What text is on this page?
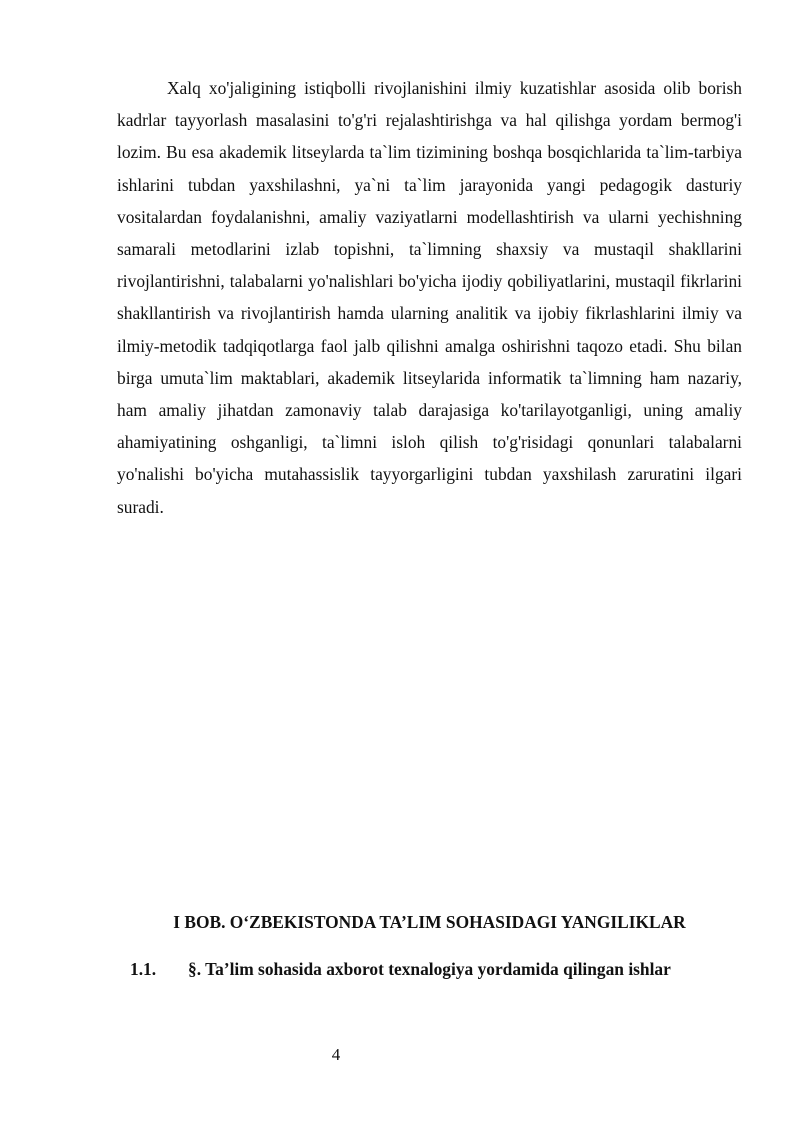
Xalq xo'jaligining istiqbolli rivojlanishini ilmiy kuzatishlar asosida olib borish kadrlar tayyorlash masalasini to'g'ri rejalashtirishga va hal qilishga yordam bermog'i lozim. Bu esa akademik litseylarda ta`lim tizimining boshqa bosqichlarida ta`lim-tarbiya ishlarini tubdan yaxshilashni, ya`ni ta`lim jarayonida yangi pedagogik dasturiy vositalardan foydalanishni, amaliy vaziyatlarni modellashtirish va ularni yechishning samarali metodlarini izlab topishni, ta`limning shaxsiy va mustaqil shakllarini rivojlantirishni, talabalarni yo'nalishlari bo'yicha ijodiy qobiliyatlarini, mustaqil fikrlarini shakllantirish va rivojlantirish hamda ularning analitik va ijobiy fikrlashlarini ilmiy va ilmiy-metodik tadqiqotlarga faol jalb qilishni amalga oshirishni taqozo etadi. Shu bilan birga umuta`lim maktablari, akademik litseylarida informatik ta`limning ham nazariy, ham amaliy jihatdan zamonaviy talab darajasiga ko'tarilayotganligi, uning amaliy ahamiyatining oshganligi, ta`limni isloh qilish to'g'risidagi qonunlari talabalarni yo'nalishi bo'yicha mutahassislik tayyorgarligini tubdan yaxshilash zaruratini ilgari suradi.

I BOB. O‘ZBEKISTONDA TA’LIM SOHASIDAGI YANGILIKLAR
1.1. §. Ta’lim sohasida axborot texnalogiya yordamida qilingan ishlar
4
